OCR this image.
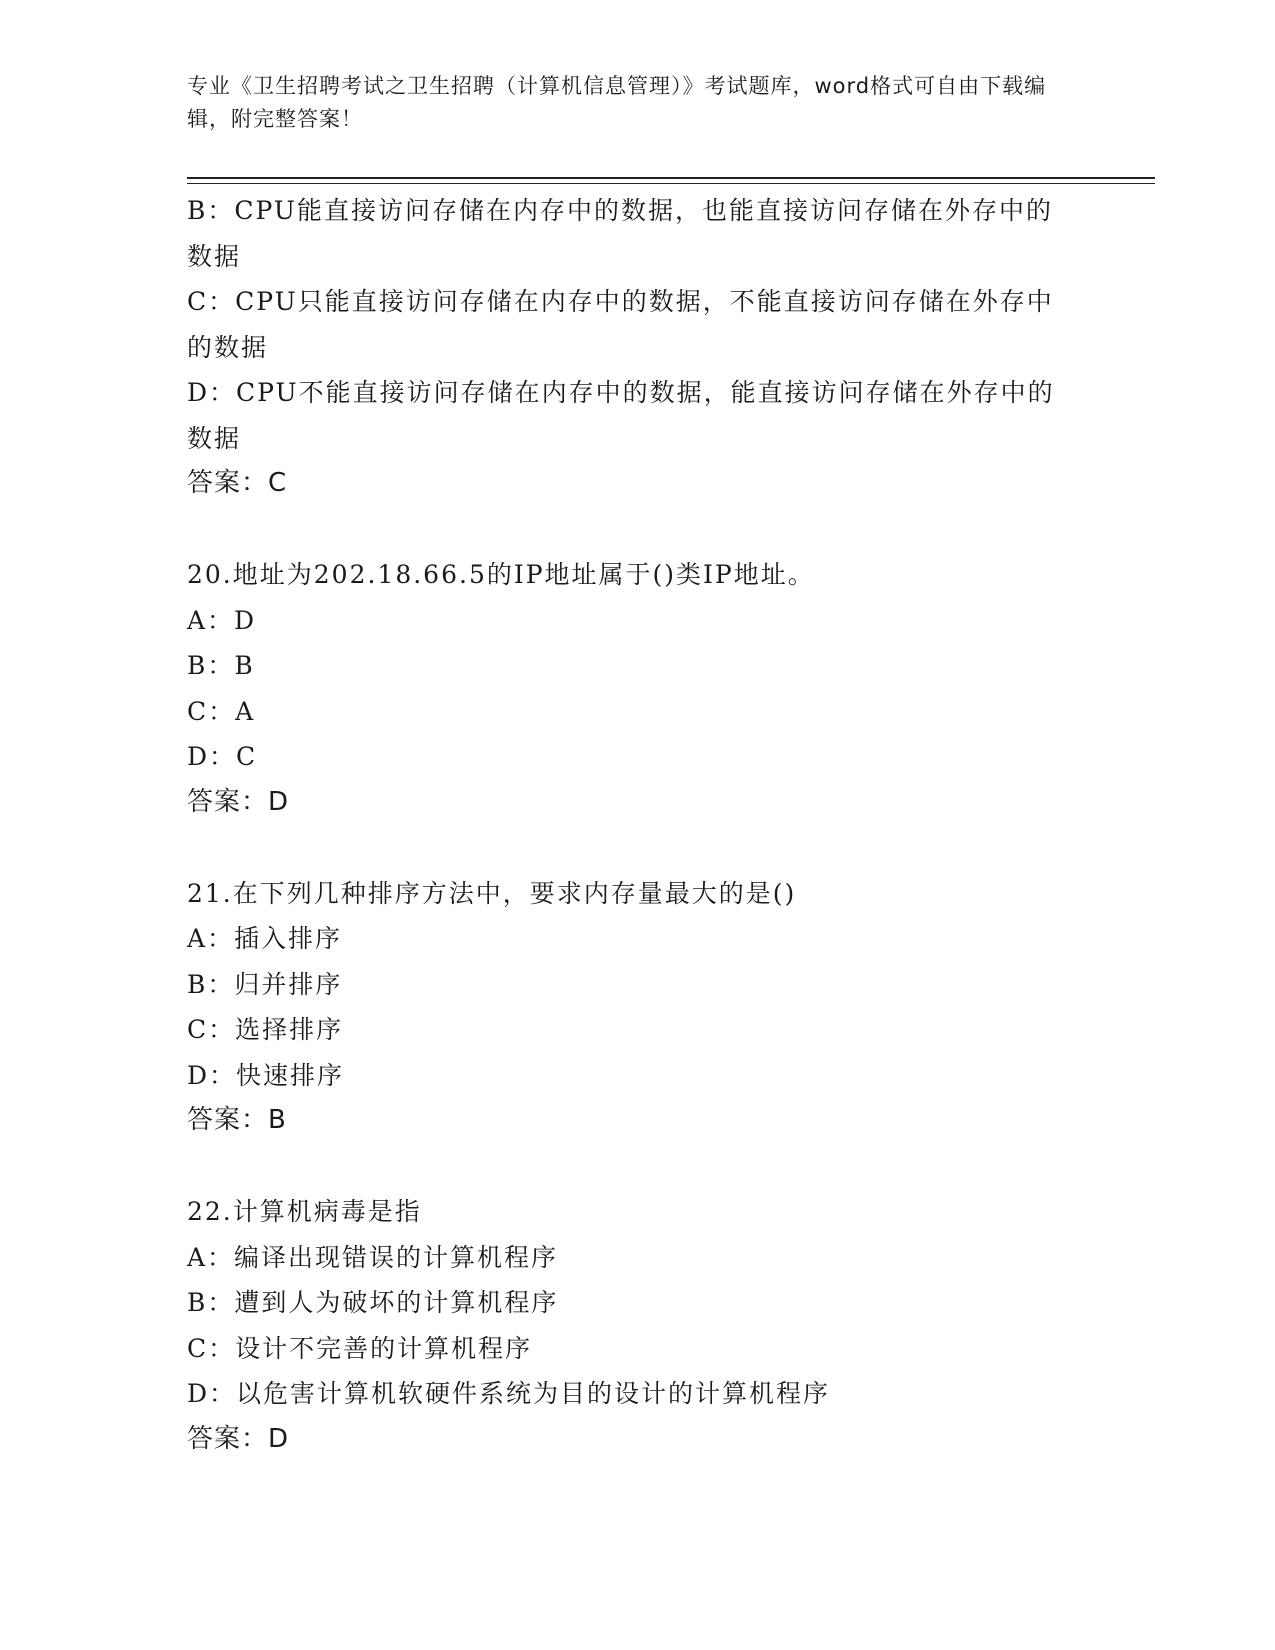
专业《卫生招聘考试之卫生招聘（计算机信息管理）》考试题库，word格式可自由下载编辑，附完整答案！
B：CPU能直接访问存储在内存中的数据，也能直接访问存储在外存中的数据
C：CPU只能直接访问存储在内存中的数据，不能直接访问存储在外存中的数据
D：CPU不能直接访问存储在内存中的数据，能直接访问存储在外存中的数据
答案：C
20.地址为202.18.66.5的IP地址属于()类IP地址。
A：D
B：B
C：A
D：C
答案：D
21.在下列几种排序方法中，要求内存量最大的是()
A：插入排序
B：归并排序
C：选择排序
D：快速排序
答案：B
22.计算机病毒是指
A：编译出现错误的计算机程序
B：遭到人为破坏的计算机程序
C：设计不完善的计算机程序
D：以危害计算机软硬件系统为目的设计的计算机程序
答案：D
